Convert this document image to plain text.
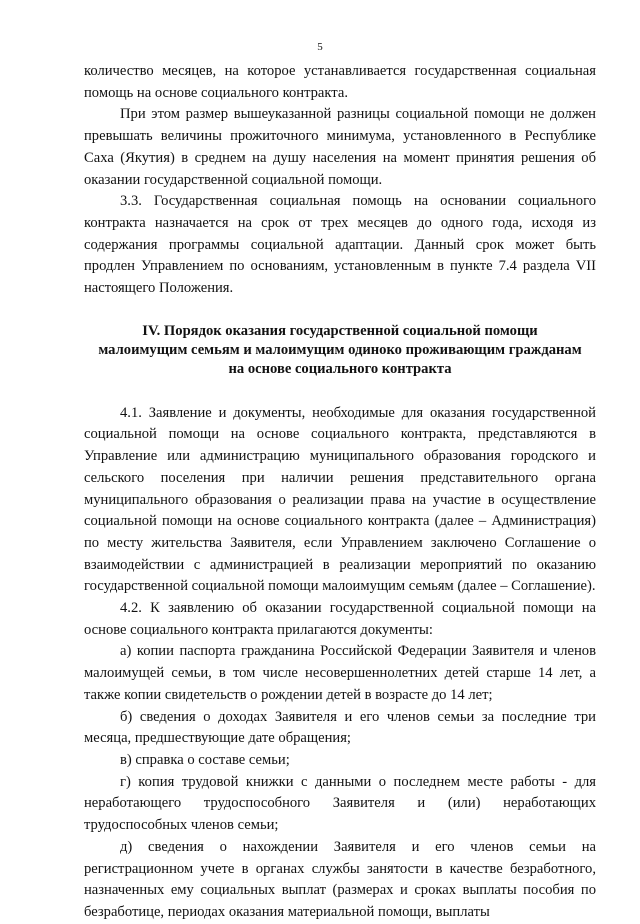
5

количество месяцев, на которое устанавливается государственная социальная помощь на основе социального контракта.

При этом размер вышеуказанной разницы социальной помощи не должен превышать величины прожиточного минимума, установленного в Республике Саха (Якутия) в среднем на душу населения на момент принятия решения об оказании государственной социальной помощи.

3.3. Государственная социальная помощь на основании социального контракта назначается на срок от трех месяцев до одного года, исходя из содержания программы социальной адаптации. Данный срок может быть продлен Управлением по основаниям, установленным в пункте 7.4 раздела VII настоящего Положения.

IV. Порядок оказания государственной социальной помощи
малоимущим семьям и малоимущим одиноко проживающим гражданам
на основе социального контракта

4.1. Заявление и документы, необходимые для оказания государственной социальной помощи на основе социального контракта, представляются в Управление или администрацию муниципального образования городского и сельского поселения при наличии решения представительного органа муниципального образования о реализации права на участие в осуществление социальной помощи на основе социального контракта (далее – Администрация) по месту жительства Заявителя, если Управлением заключено Соглашение о взаимодействии с администрацией в реализации мероприятий по оказанию государственной социальной помощи малоимущим семьям (далее – Соглашение).

4.2. К заявлению об оказании государственной социальной помощи на основе социального контракта прилагаются документы:

а) копии паспорта гражданина Российской Федерации Заявителя и членов малоимущей семьи, в том числе несовершеннолетних детей старше 14 лет, а также копии свидетельств о рождении детей в возрасте до 14 лет;

б) сведения о доходах Заявителя и его членов семьи за последние три месяца, предшествующие дате обращения;

в) справка о составе семьи;

г) копия трудовой книжки с данными о последнем месте работы - для неработающего трудоспособного Заявителя и (или) неработающих трудоспособных членов семьи;

д) сведения о нахождении Заявителя и его членов семьи на регистрационном учете в органах службы занятости в качестве безработного, назначенных ему социальных выплат (размерах и сроках выплаты пособия по безработице, периодах оказания материальной помощи, выплаты
